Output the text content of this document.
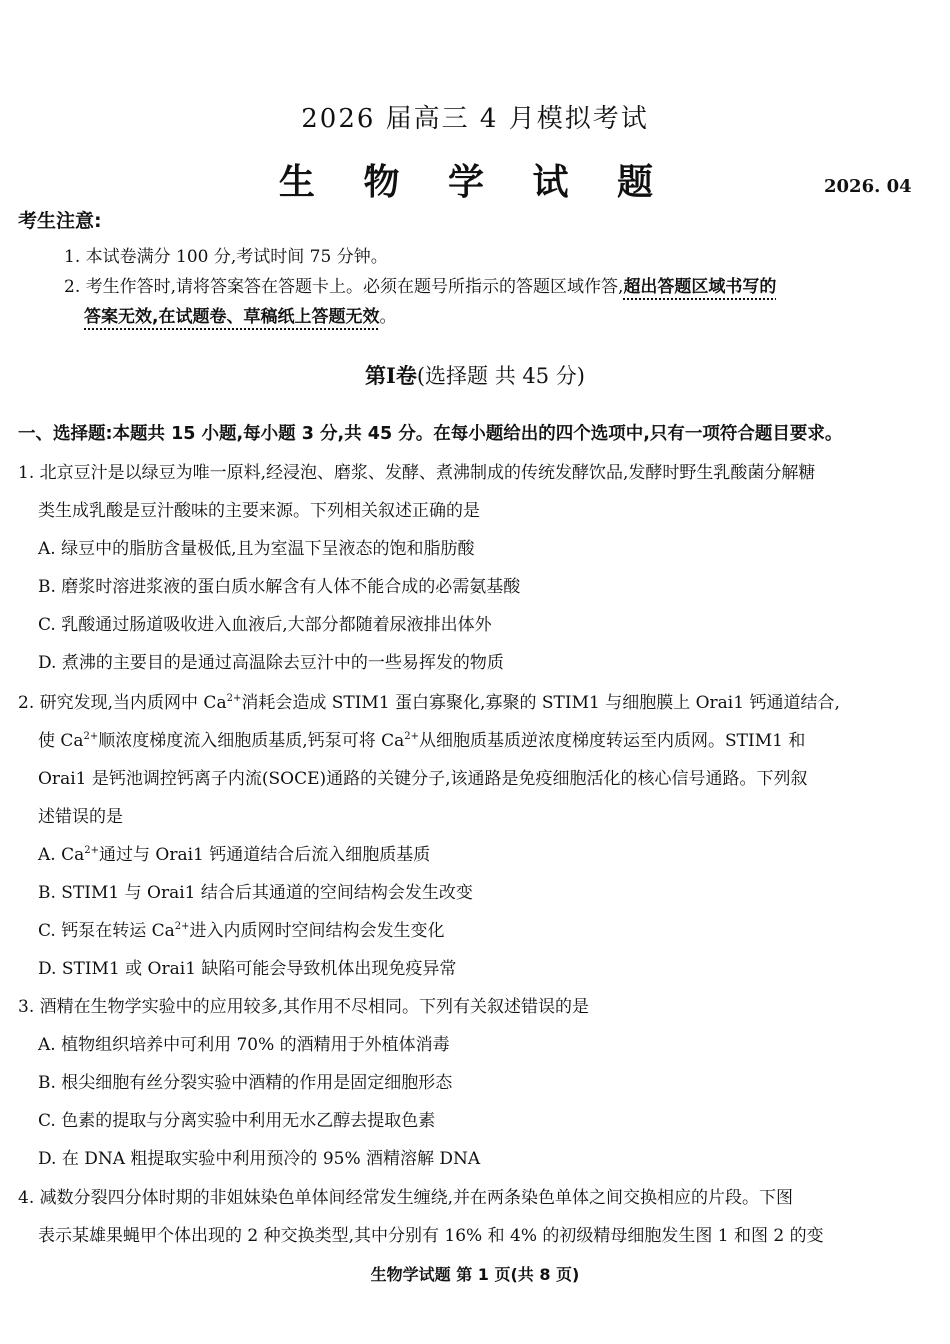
2026 届高三 4 月模拟考试
生 物 学 试 题	2026. 04
考生注意:
1. 本试卷满分 100 分,考试时间 75 分钟。
2. 考生作答时,请将答案答在答题卡上。必须在题号所指示的答题区域作答,超出答题区域书写的
答案无效,在试题卷、草稿纸上答题无效。
第Ⅰ卷(选择题 共 45 分)
一、选择题:本题共 15 小题,每小题 3 分,共 45 分。在每小题给出的四个选项中,只有一项符合题目要求。
1. 北京豆汁是以绿豆为唯一原料,经浸泡、磨浆、发酵、煮沸制成的传统发酵饮品,发酵时野生乳酸菌分解糖
类生成乳酸是豆汁酸味的主要来源。下列相关叙述正确的是
A. 绿豆中的脂肪含量极低,且为室温下呈液态的饱和脂肪酸
B. 磨浆时溶进浆液的蛋白质水解含有人体不能合成的必需氨基酸
C. 乳酸通过肠道吸收进入血液后,大部分都随着尿液排出体外
D. 煮沸的主要目的是通过高温除去豆汁中的一些易挥发的物质
2. 研究发现,当内质网中 $Ca^{2+}$消耗会造成 STIM1 蛋白寡聚化,寡聚的 STIM1 与细胞膜上 Orai1 钙通道结合,
使 $Ca^{2+}$顺浓度梯度流入细胞质基质,钙泵可将 $Ca^{2+}$从细胞质基质逆浓度梯度转运至内质网。STIM1 和
Orai1 是钙池调控钙离子内流(SOCE)通路的关键分子,该通路是免疫细胞活化的核心信号通路。下列叙
述错误的是
A. $Ca^{2+}$通过与 Orai1 钙通道结合后流入细胞质基质
B. STIM1 与 Orai1 结合后其通道的空间结构会发生改变
C. 钙泵在转运 $Ca^{2+}$进入内质网时空间结构会发生变化
D. STIM1 或 Orai1 缺陷可能会导致机体出现免疫异常
3. 酒精在生物学实验中的应用较多,其作用不尽相同。下列有关叙述错误的是
A. 植物组织培养中可利用 70% 的酒精用于外植体消毒
B. 根尖细胞有丝分裂实验中酒精的作用是固定细胞形态
C. 色素的提取与分离实验中利用无水乙醇去提取色素
D. 在 DNA 粗提取实验中利用预冷的 95% 酒精溶解 DNA
4. 减数分裂四分体时期的非姐妹染色单体间经常发生缠绕,并在两条染色单体之间交换相应的片段。下图
表示某雄果蝇甲个体出现的 2 种交换类型,其中分别有 16% 和 4% 的初级精母细胞发生图 1 和图 2 的变
生物学试题 第 1 页(共 8 页)
